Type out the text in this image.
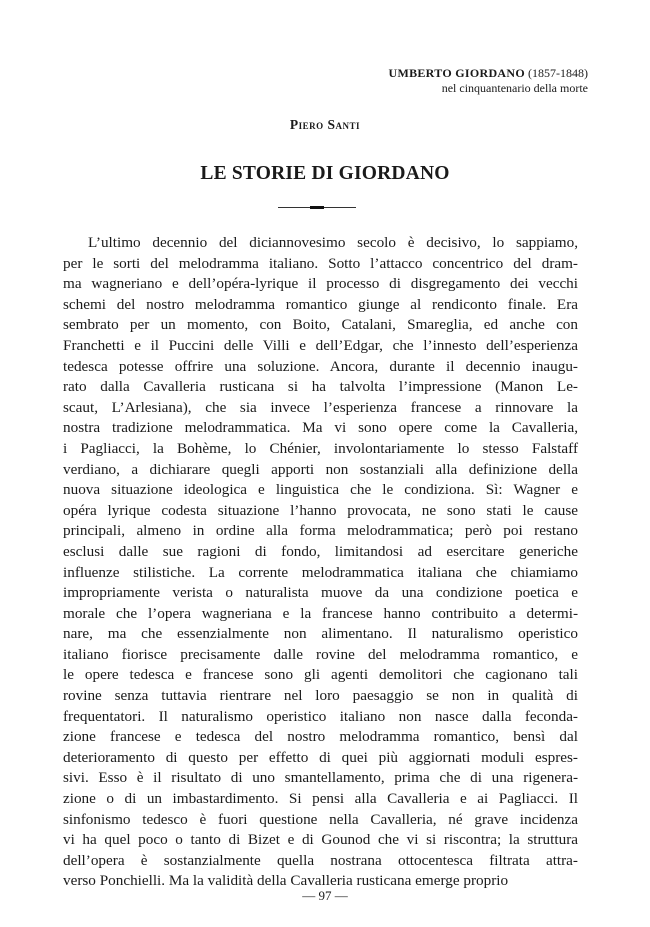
UMBERTO GIORDANO (1857-1848)
nel cinquantenario della morte
Piero Santi
LE STORIE DI GIORDANO
L’ultimo decennio del diciannovesimo secolo è decisivo, lo sappiamo,
per le sorti del melodramma italiano. Sotto l’attacco concentrico del dram-
ma wagneriano e dell’opéra-lyrique il processo di disgregamento dei vecchi
schemi del nostro melodramma romantico giunge al rendiconto finale. Era
sembrato per un momento, con Boito, Catalani, Smareglia, ed anche con
Franchetti e il Puccini delle Villi e dell’Edgar, che l’innesto dell’esperienza
tedesca potesse offrire una soluzione. Ancora, durante il decennio inaugu-
rato dalla Cavalleria rusticana si ha talvolta l’impressione (Manon Le-
scaut, L’Arlesiana), che sia invece l’esperienza francese a rinnovare la
nostra tradizione melodrammatica. Ma vi sono opere come la Cavalleria,
i Pagliacci, la Bohème, lo Chénier, involontariamente lo stesso Falstaff
verdiano, a dichiarare quegli apporti non sostanziali alla definizione della
nuova situazione ideologica e linguistica che le condiziona. Sì: Wagner e
opéra lyrique codesta situazione l’hanno provocata, ne sono stati le cause
principali, almeno in ordine alla forma melodrammatica; però poi restano
esclusi dalle sue ragioni di fondo, limitandosi ad esercitare generiche
influenze stilistiche. La corrente melodrammatica italiana che chiamiamo
impropriamente verista o naturalista muove da una condizione poetica e
morale che l’opera wagneriana e la francese hanno contribuito a determi-
nare, ma che essenzialmente non alimentano. Il naturalismo operistico
italiano fiorisce precisamente dalle rovine del melodramma romantico, e
le opere tedesca e francese sono gli agenti demolitori che cagionano tali
rovine senza tuttavia rientrare nel loro paesaggio se non in qualità di
frequentatori. Il naturalismo operistico italiano non nasce dalla feconda-
zione francese e tedesca del nostro melodramma romantico, bensì dal
deterioramento di questo per effetto di quei più aggiornati moduli espres-
sivi. Esso è il risultato di uno smantellamento, prima che di una rigenera-
zione o di un imbastardimento. Si pensi alla Cavalleria e ai Pagliacci. Il
sinfonismo tedesco è fuori questione nella Cavalleria, né grave incidenza
vi ha quel poco o tanto di Bizet e di Gounod che vi si riscontra; la struttura
dell’opera è sostanzialmente quella nostrana ottocentesca filtrata attra-
verso Ponchielli. Ma la validità della Cavalleria rusticana emerge proprio
— 97 —
